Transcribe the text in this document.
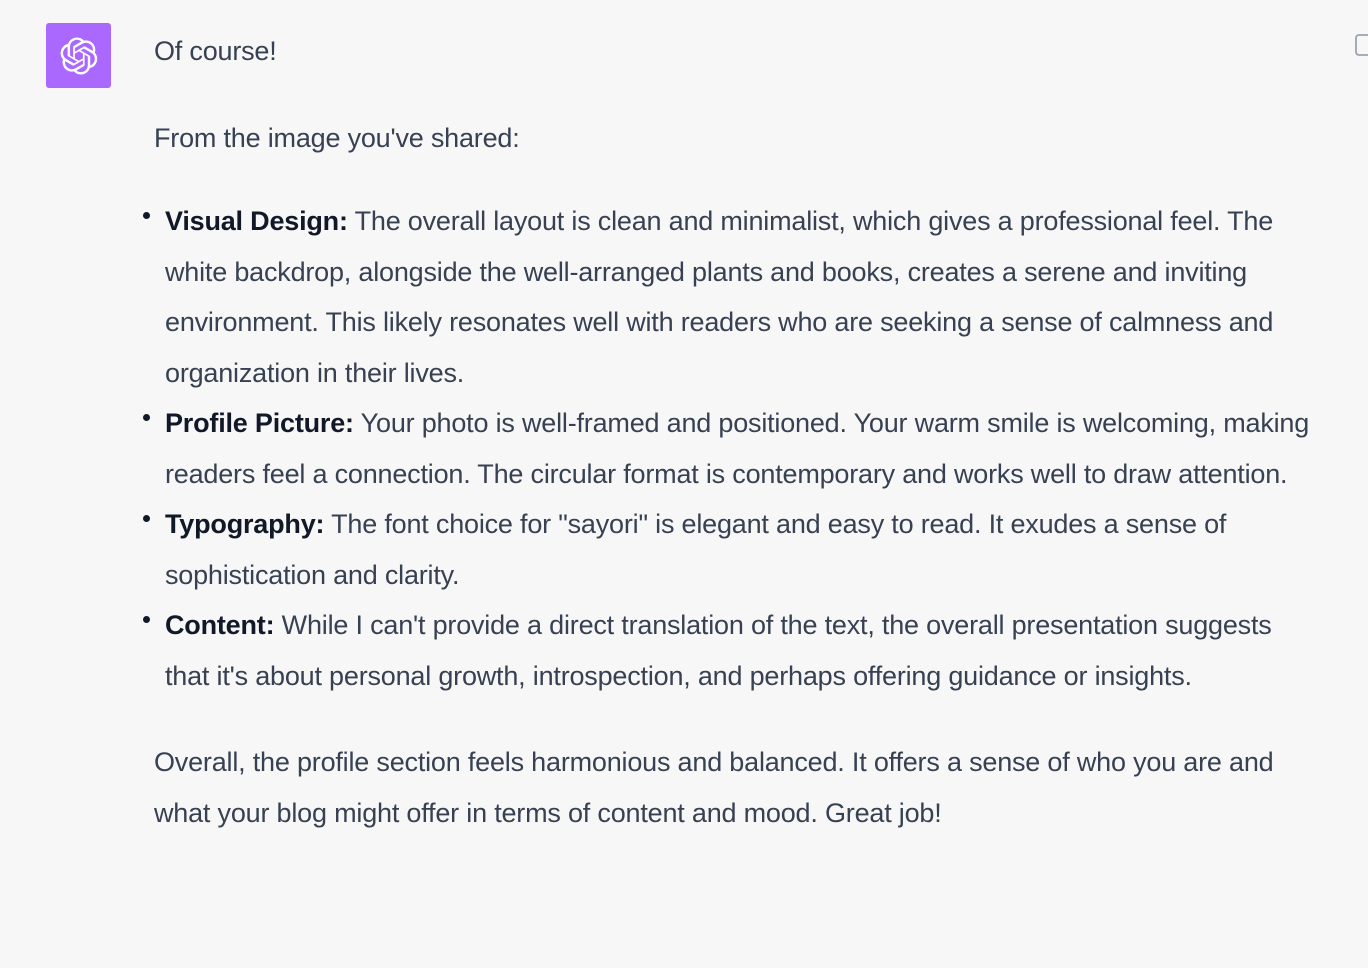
Of course!

From the image you've shared:

Visual Design: The overall layout is clean and minimalist, which gives a professional feel. The white backdrop, alongside the well-arranged plants and books, creates a serene and inviting environment. This likely resonates well with readers who are seeking a sense of calmness and organization in their lives.
Profile Picture: Your photo is well-framed and positioned. Your warm smile is welcoming, making readers feel a connection. The circular format is contemporary and works well to draw attention.
Typography: The font choice for "sayori" is elegant and easy to read. It exudes a sense of sophistication and clarity.
Content: While I can't provide a direct translation of the text, the overall presentation suggests that it's about personal growth, introspection, and perhaps offering guidance or insights.

Overall, the profile section feels harmonious and balanced. It offers a sense of who you are and what your blog might offer in terms of content and mood. Great job!
